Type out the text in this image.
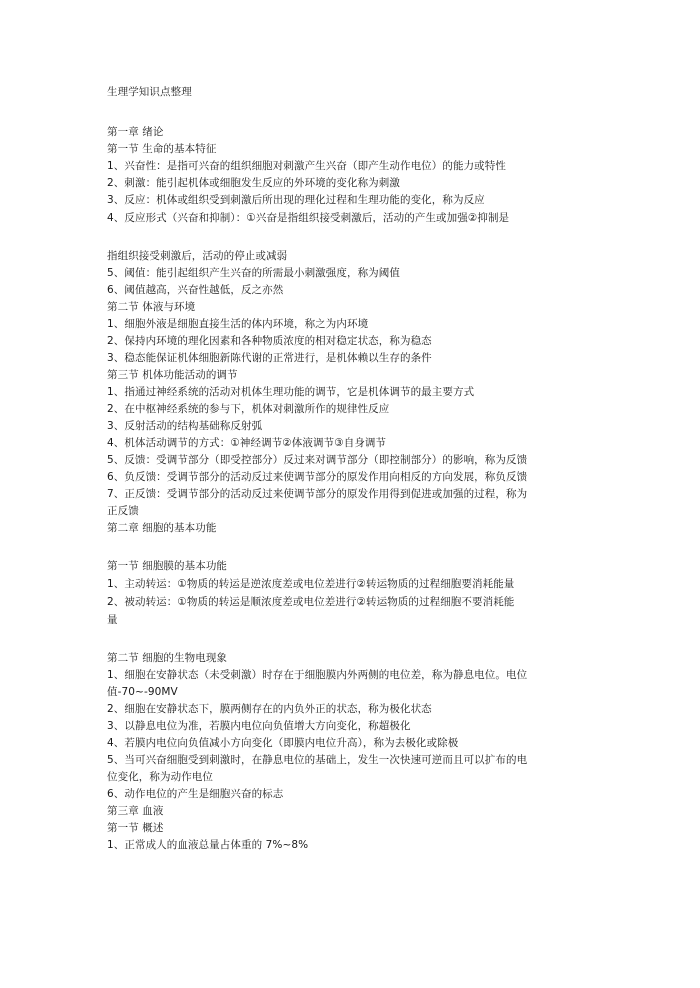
生理学知识点整理
第一章 绪论
第一节 生命的基本特征
1、兴奋性：是指可兴奋的组织细胞对刺激产生兴奋（即产生动作电位）的能力或特性
2、刺激：能引起机体或细胞发生反应的外环境的变化称为刺激
3、反应：机体或组织受到刺激后所出现的理化过程和生理功能的变化，称为反应
4、反应形式（兴奋和抑制）：①兴奋是指组织接受刺激后，活动的产生或加强②抑制是
指组织接受刺激后，活动的停止或减弱
5、阈值：能引起组织产生兴奋的所需最小刺激强度，称为阈值
6、阈值越高，兴奋性越低，反之亦然
第二节 体液与环境
1、细胞外液是细胞直接生活的体内环境，称之为内环境
2、保持内环境的理化因素和各种物质浓度的相对稳定状态，称为稳态
3、稳态能保证机体细胞新陈代谢的正常进行，是机体赖以生存的条件
第三节 机体功能活动的调节
1、指通过神经系统的活动对机体生理功能的调节，它是机体调节的最主要方式
2、在中枢神经系统的参与下，机体对刺激所作的规律性反应
3、反射活动的结构基础称反射弧
4、机体活动调节的方式：①神经调节②体液调节③自身调节
5、反馈：受调节部分（即受控部分）反过来对调节部分（即控制部分）的影响，称为反馈
6、负反馈：受调节部分的活动反过来使调节部分的原发作用向相反的方向发展，称负反馈
7、正反馈：受调节部分的活动反过来使调节部分的原发作用得到促进或加强的过程，称为
正反馈
第二章 细胞的基本功能
第一节 细胞膜的基本功能
1、主动转运：①物质的转运是逆浓度差或电位差进行②转运物质的过程细胞要消耗能量
2、被动转运：①物质的转运是顺浓度差或电位差进行②转运物质的过程细胞不要消耗能
量
第二节 细胞的生物电现象
1、细胞在安静状态（未受刺激）时存在于细胞膜内外两侧的电位差，称为静息电位。电位
值-70~-90MV
2、细胞在安静状态下，膜两侧存在的内负外正的状态，称为极化状态
3、以静息电位为准，若膜内电位向负值增大方向变化，称超极化
4、若膜内电位向负值减小方向变化（即膜内电位升高），称为去极化或除极
5、当可兴奋细胞受到刺激时，在静息电位的基础上，发生一次快速可逆而且可以扩布的电
位变化，称为动作电位
6、动作电位的产生是细胞兴奋的标志
第三章 血液
第一节 概述
1、正常成人的血液总量占体重的 7%~8%
